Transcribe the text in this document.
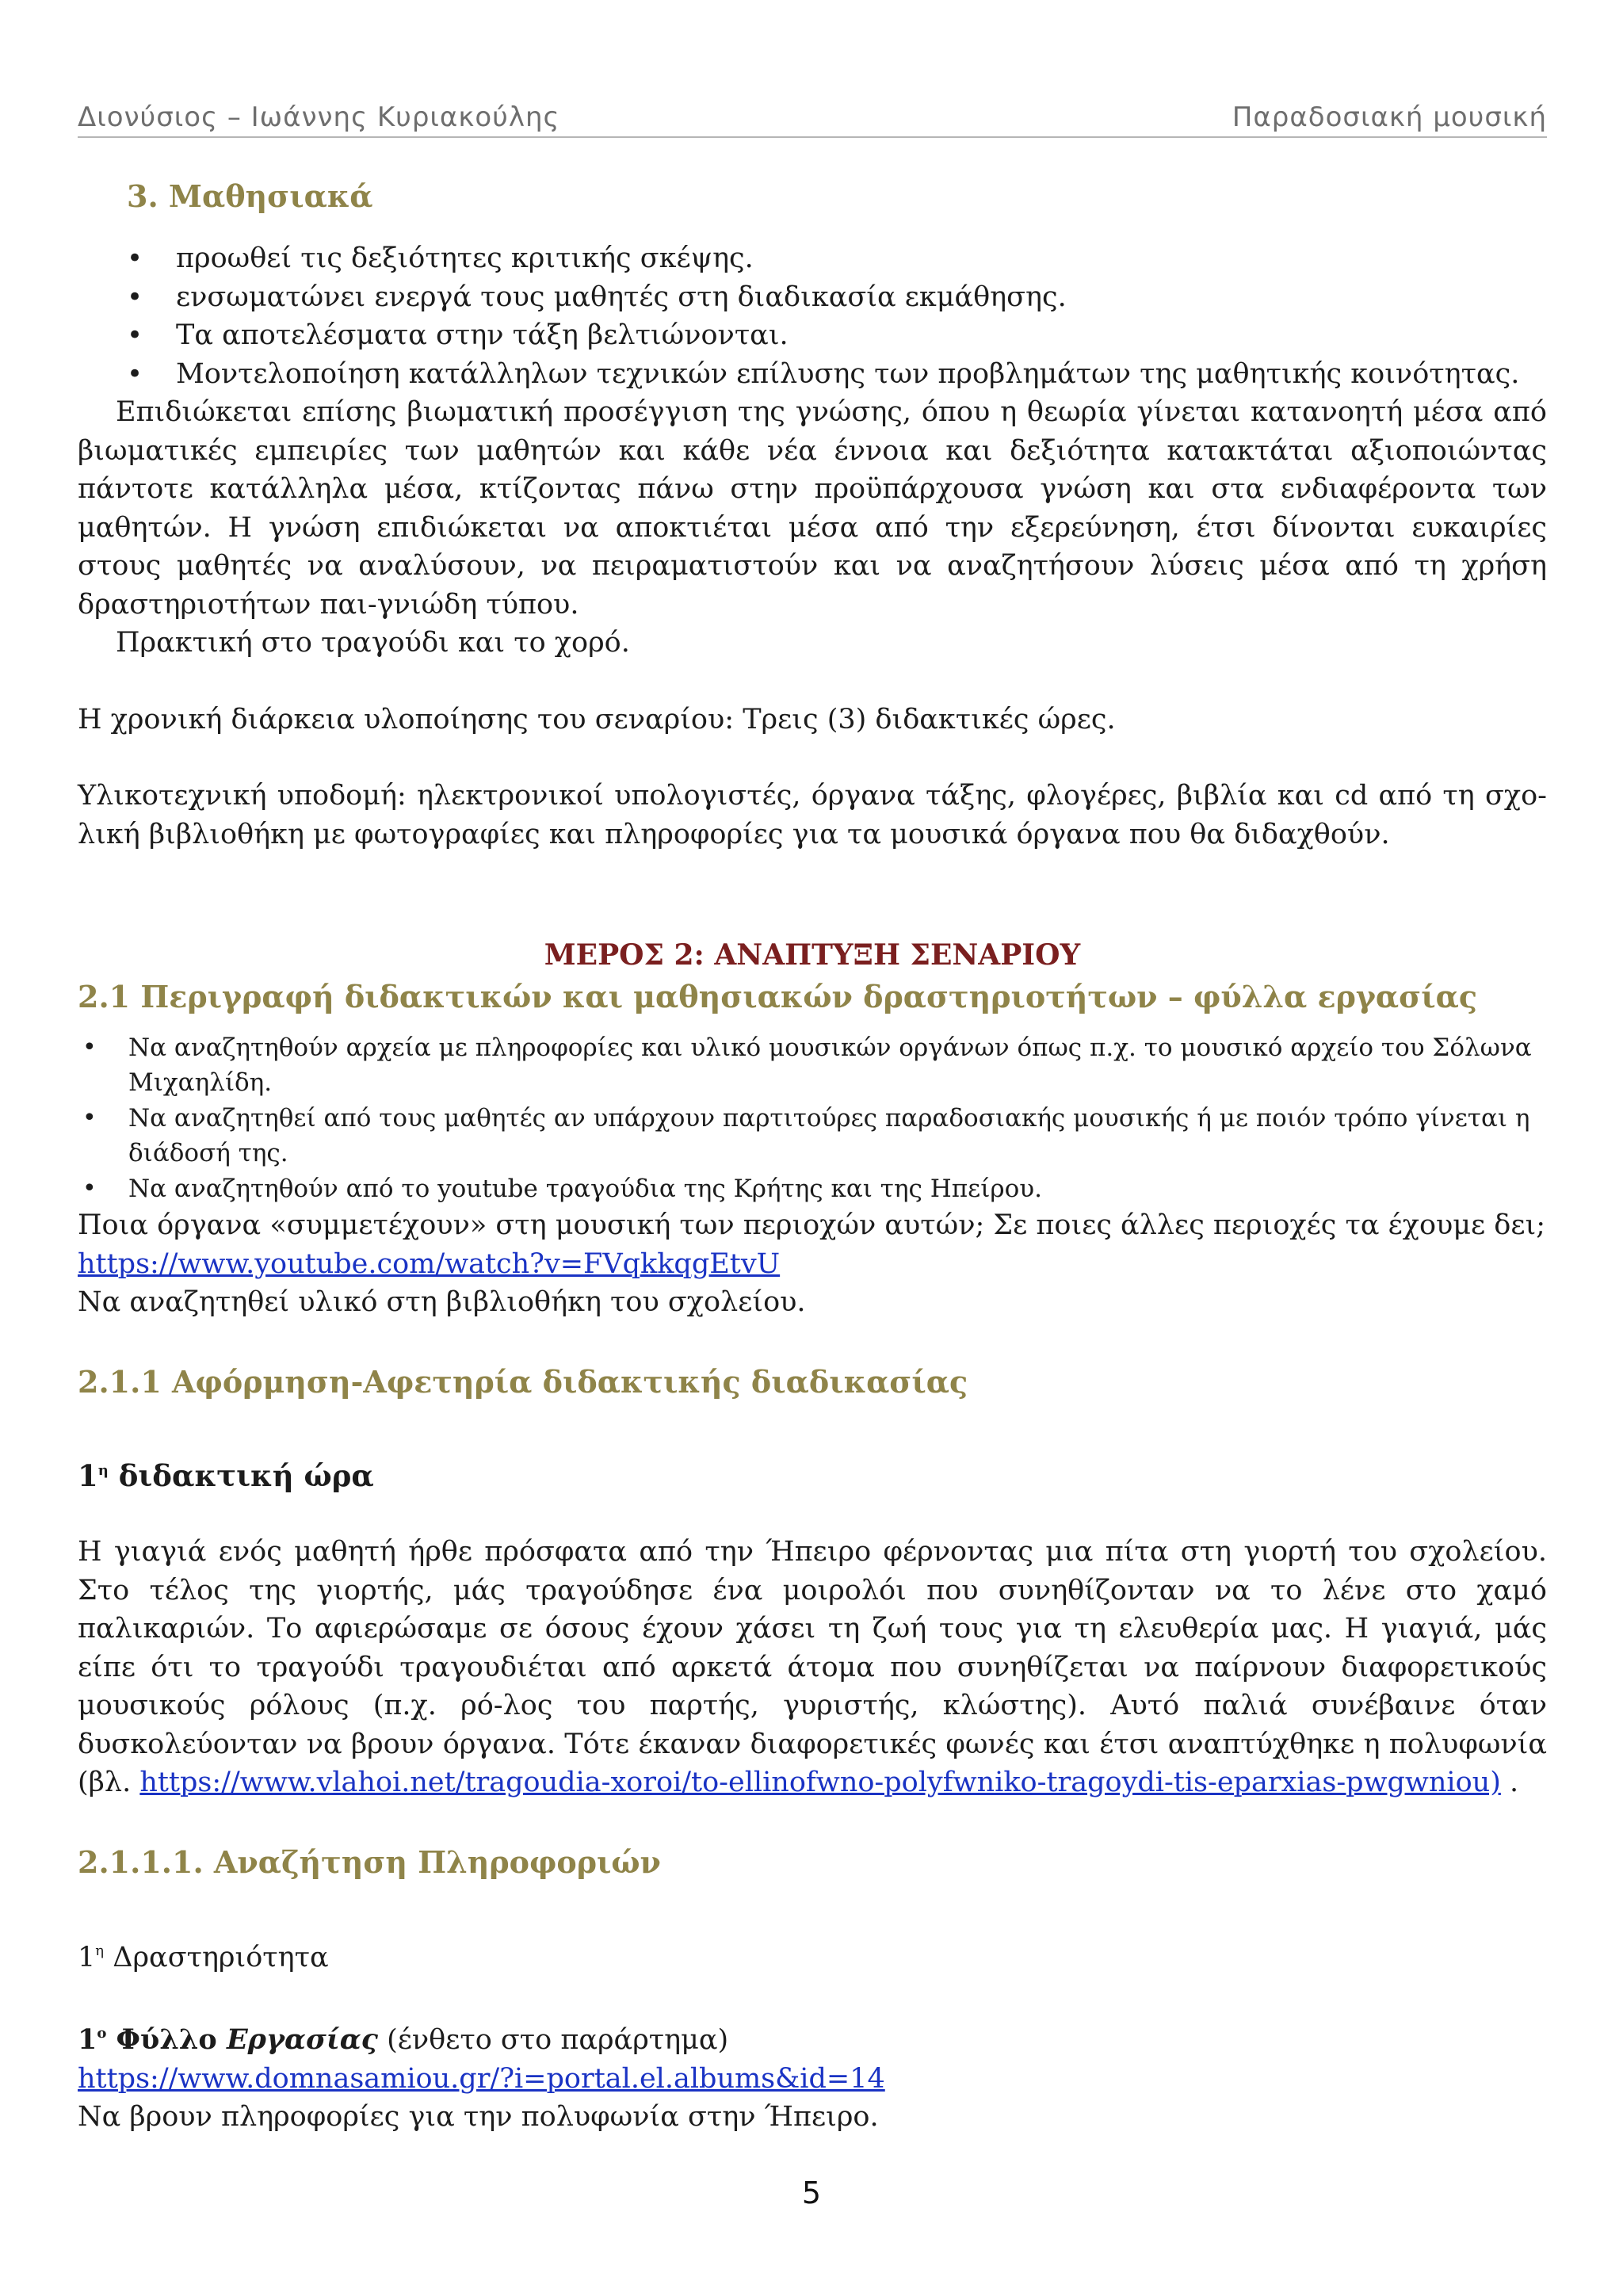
Διονύσιος – Ιωάννης Κυριακούλης	Παραδοσιακή μουσική
3. Μαθησιακά
• προωθεί τις δεξιότητες κριτικής σκέψης.
• ενσωματώνει ενεργά τους μαθητές στη διαδικασία εκμάθησης.
• Τα αποτελέσματα στην τάξη βελτιώνονται.
• Μοντελοποίηση κατάλληλων τεχνικών επίλυσης των προβλημάτων της μαθητικής κοινότητας.

Επιδιώκεται επίσης βιωματική προσέγγιση της γνώσης, όπου η θεωρία γίνεται κατανοητή μέσα από βιωματικές εμπειρίες των μαθητών και κάθε νέα έννοια και δεξιότητα κατακτάται αξιοποιώντας πάντοτε κατάλληλα μέσα, κτίζοντας πάνω στην προϋπάρχουσα γνώση και στα ενδιαφέροντα των μαθητών. Η γνώση επιδιώκεται να αποκτιέται μέσα από την εξερεύνηση, έτσι δίνονται ευκαιρίες στους μαθητές να αναλύσουν, να πειραματιστούν και να αναζητήσουν λύσεις μέσα από τη χρήση δραστηριοτήτων παι-γνιώδη τύπου.

Πρακτική στο τραγούδι και το χορό.

Η χρονική διάρκεια υλοποίησης του σεναρίου: Τρεις (3) διδακτικές ώρες.

Υλικοτεχνική υποδομή: ηλεκτρονικοί υπολογιστές, όργανα τάξης, φλογέρες, βιβλία και cd από τη σχο-λική βιβλιοθήκη με φωτογραφίες και πληροφορίες για τα μουσικά όργανα που θα διδαχθούν.

ΜΕΡΟΣ 2: ΑΝΑΠΤΥΞΗ ΣΕΝΑΡΙΟΥ
2.1 Περιγραφή διδακτικών και μαθησιακών δραστηριοτήτων – φύλλα εργασίας
• Να αναζητηθούν αρχεία με πληροφορίες και υλικό μουσικών οργάνων όπως π.χ. το μουσικό αρχείο του Σόλωνα Μιχαηλίδη.
• Να αναζητηθεί από τους μαθητές αν υπάρχουν παρτιτούρες παραδοσιακής μουσικής ή με ποιόν τρόπο γίνεται η διάδοσή της.
• Να αναζητηθούν από το youtube τραγούδια της Κρήτης και της Ηπείρου.

Ποια όργανα «συμμετέχουν» στη μουσική των περιοχών αυτών; Σε ποιες άλλες περιοχές τα έχουμε δει;

https://www.youtube.com/watch?v=FVqkkqgEtvU

Να αναζητηθεί υλικό στη βιβλιοθήκη του σχολείου.

2.1.1 Αφόρμηση-Αφετηρία διδακτικής διαδικασίας
$1^\eta$ διδακτική ώρα

Η γιαγιά ενός μαθητή ήρθε πρόσφατα από την Ήπειρο φέρνοντας μια πίτα στη γιορτή του σχολείου. Στο τέλος της γιορτής, μάς τραγούδησε ένα μοιρολόι που συνηθίζονταν να το λένε στο χαμό παλικαριών. Το αφιερώσαμε σε όσους έχουν χάσει τη ζωή τους για τη ελευθερία μας. Η γιαγιά, μάς είπε ότι το τραγούδι τραγουδιέται από αρκετά άτομα που συνηθίζεται να παίρνουν διαφορετικούς μουσικούς ρόλους (π.χ. ρό-λος του παρτής, γυριστής, κλώστης). Αυτό παλιά συνέβαινε όταν δυσκολεύονταν να βρουν όργανα. Τότε έκαναν διαφορετικές φωνές και έτσι αναπτύχθηκε η πολυφωνία (βλ. https://www.vlahoi.net/tragoudia-xoroi/to-ellinofwno-polyfwniko-tragoydi-tis-eparxias-pwgwniou) .

2.1.1.1. Αναζήτηση Πληροφοριών
$1^\eta$ Δραστηριότητα
$1^o$ Φύλλο Εργασίας (ένθετο στο παράρτημα)

https://www.domnasamiou.gr/?i=portal.el.albums&id=14

Να βρουν πληροφορίες για την πολυφωνία στην Ήπειρο.

5
